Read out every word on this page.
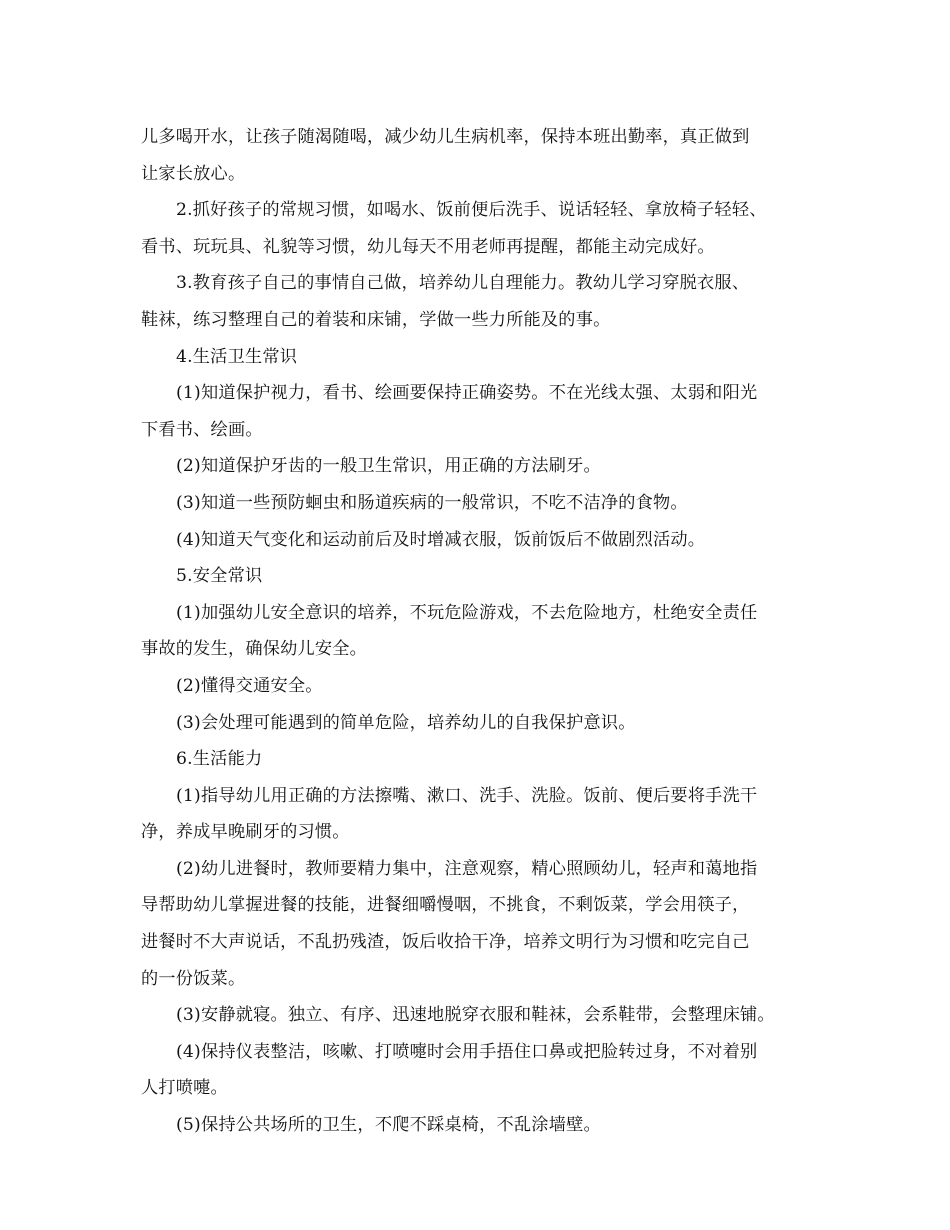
儿多喝开水，让孩子随渴随喝，减少幼儿生病机率，保持本班出勤率，真正做到
让家长放心。
2.抓好孩子的常规习惯，如喝水、饭前便后洗手、说话轻轻、拿放椅子轻轻、
看书、玩玩具、礼貌等习惯，幼儿每天不用老师再提醒，都能主动完成好。
3.教育孩子自己的事情自己做，培养幼儿自理能力。教幼儿学习穿脱衣服、
鞋袜，练习整理自己的着装和床铺，学做一些力所能及的事。
4.生活卫生常识
(1)知道保护视力，看书、绘画要保持正确姿势。不在光线太强、太弱和阳光
下看书、绘画。
(2)知道保护牙齿的一般卫生常识，用正确的方法刷牙。
(3)知道一些预防蛔虫和肠道疾病的一般常识，不吃不洁净的食物。
(4)知道天气变化和运动前后及时增减衣服，饭前饭后不做剧烈活动。
5.安全常识
(1)加强幼儿安全意识的培养，不玩危险游戏，不去危险地方，杜绝安全责任
事故的发生，确保幼儿安全。
(2)懂得交通安全。
(3)会处理可能遇到的简单危险，培养幼儿的自我保护意识。
6.生活能力
(1)指导幼儿用正确的方法擦嘴、漱口、洗手、洗脸。饭前、便后要将手洗干
净，养成早晚刷牙的习惯。
(2)幼儿进餐时，教师要精力集中，注意观察，精心照顾幼儿，轻声和蔼地指
导帮助幼儿掌握进餐的技能，进餐细嚼慢咽，不挑食，不剩饭菜，学会用筷子，
进餐时不大声说话，不乱扔残渣，饭后收拾干净，培养文明行为习惯和吃完自己
的一份饭菜。
(3)安静就寝。独立、有序、迅速地脱穿衣服和鞋袜，会系鞋带，会整理床铺。
(4)保持仪表整洁，咳嗽、打喷嚏时会用手捂住口鼻或把脸转过身，不对着别
人打喷嚏。
(5)保持公共场所的卫生，不爬不踩桌椅，不乱涂墙壁。
